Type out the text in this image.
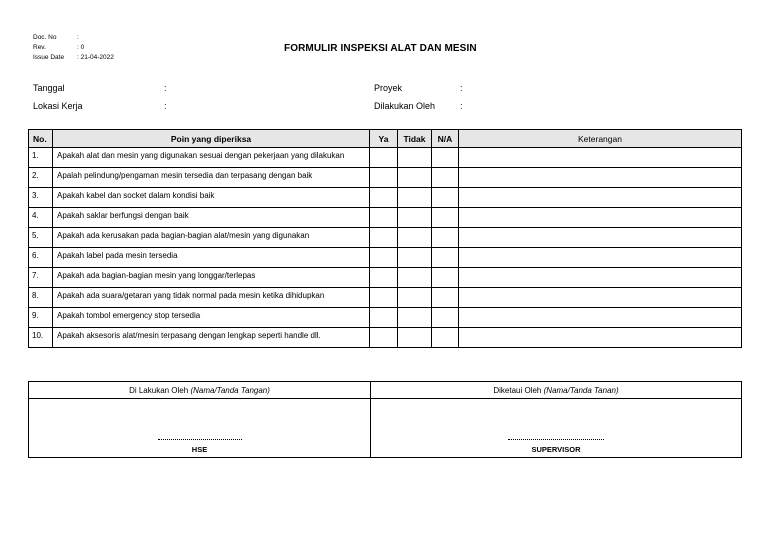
Doc. No	:
Rev.	: 0
Issue Date	: 21-04-2022
FORMULIR INSPEKSI ALAT DAN MESIN
Tanggal	:
Lokasi Kerja	:
Proyek	:
Dilakukan Oleh	:
No.	Poin yang diperiksa	Ya	Tidak	N/A	Keterangan
1.	Apakah alat dan mesin yang digunakan sesuai dengan pekerjaan yang dilakukan				
2.	Apalah pelindung/pengaman mesin tersedia dan terpasang dengan baik				
3.	Apakah kabel dan socket dalam kondisi baik				
4.	Apakah saklar berfungsi dengan baik				
5.	Apakah ada kerusakan pada bagian-bagian alat/mesin yang digunakan				
6.	Apakah label pada mesin tersedia				
7.	Apakah ada bagian-bagian mesin yang longgar/terlepas				
8.	Apakah ada suara/getaran yang tidak normal pada mesin ketika dihidupkan				
9.	Apakah tombol emergency stop tersedia				
10.	Apakah aksesoris alat/mesin terpasang dengan lengkap seperti handle dll.				
Di Lakukan Oleh (Nama/Tanda Tangan)	Diketaui Oleh (Nama/Tanda Tanan)

HSE	SUPERVISOR
